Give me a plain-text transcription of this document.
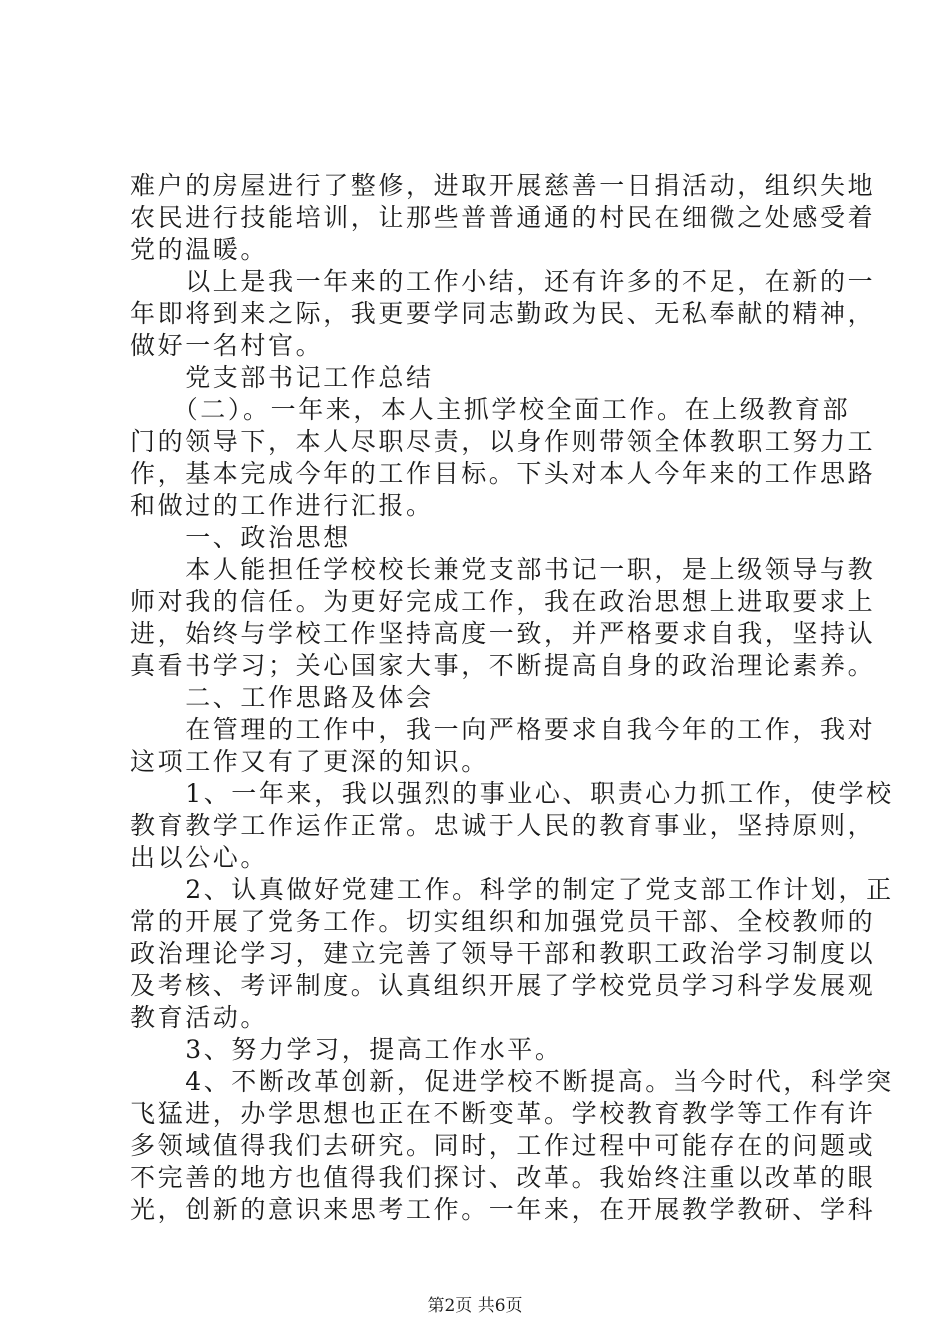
难户的房屋进行了整修，进取开展慈善一日捐活动，组织失地
农民进行技能培训，让那些普普通通的村民在细微之处感受着
党的温暖。
　　以上是我一年来的工作小结，还有许多的不足，在新的一
年即将到来之际，我更要学同志勤政为民、无私奉献的精神，
做好一名村官。
　　党支部书记工作总结
　　（二）。一年来，本人主抓学校全面工作。在上级教育部
门的领导下，本人尽职尽责，以身作则带领全体教职工努力工
作，基本完成今年的工作目标。下头对本人今年来的工作思路
和做过的工作进行汇报。
　　一、政治思想
　　本人能担任学校校长兼党支部书记一职，是上级领导与教
师对我的信任。为更好完成工作，我在政治思想上进取要求上
进，始终与学校工作坚持高度一致，并严格要求自我，坚持认
真看书学习；关心国家大事，不断提高自身的政治理论素养。
　　二、工作思路及体会
　　在管理的工作中，我一向严格要求自我今年的工作，我对
这项工作又有了更深的知识。
　　1、一年来，我以强烈的事业心、职责心力抓工作，使学校
教育教学工作运作正常。忠诚于人民的教育事业，坚持原则，
出以公心。
　　2、认真做好党建工作。科学的制定了党支部工作计划，正
常的开展了党务工作。切实组织和加强党员干部、全校教师的
政治理论学习，建立完善了领导干部和教职工政治学习制度以
及考核、考评制度。认真组织开展了学校党员学习科学发展观
教育活动。
　　3、努力学习，提高工作水平。
　　4、不断改革创新，促进学校不断提高。当今时代，科学突
飞猛进，办学思想也正在不断变革。学校教育教学等工作有许
多领域值得我们去研究。同时，工作过程中可能存在的问题或
不完善的地方也值得我们探讨、改革。我始终注重以改革的眼
光，创新的意识来思考工作。一年来，在开展教学教研、学科
第2页 共6页
